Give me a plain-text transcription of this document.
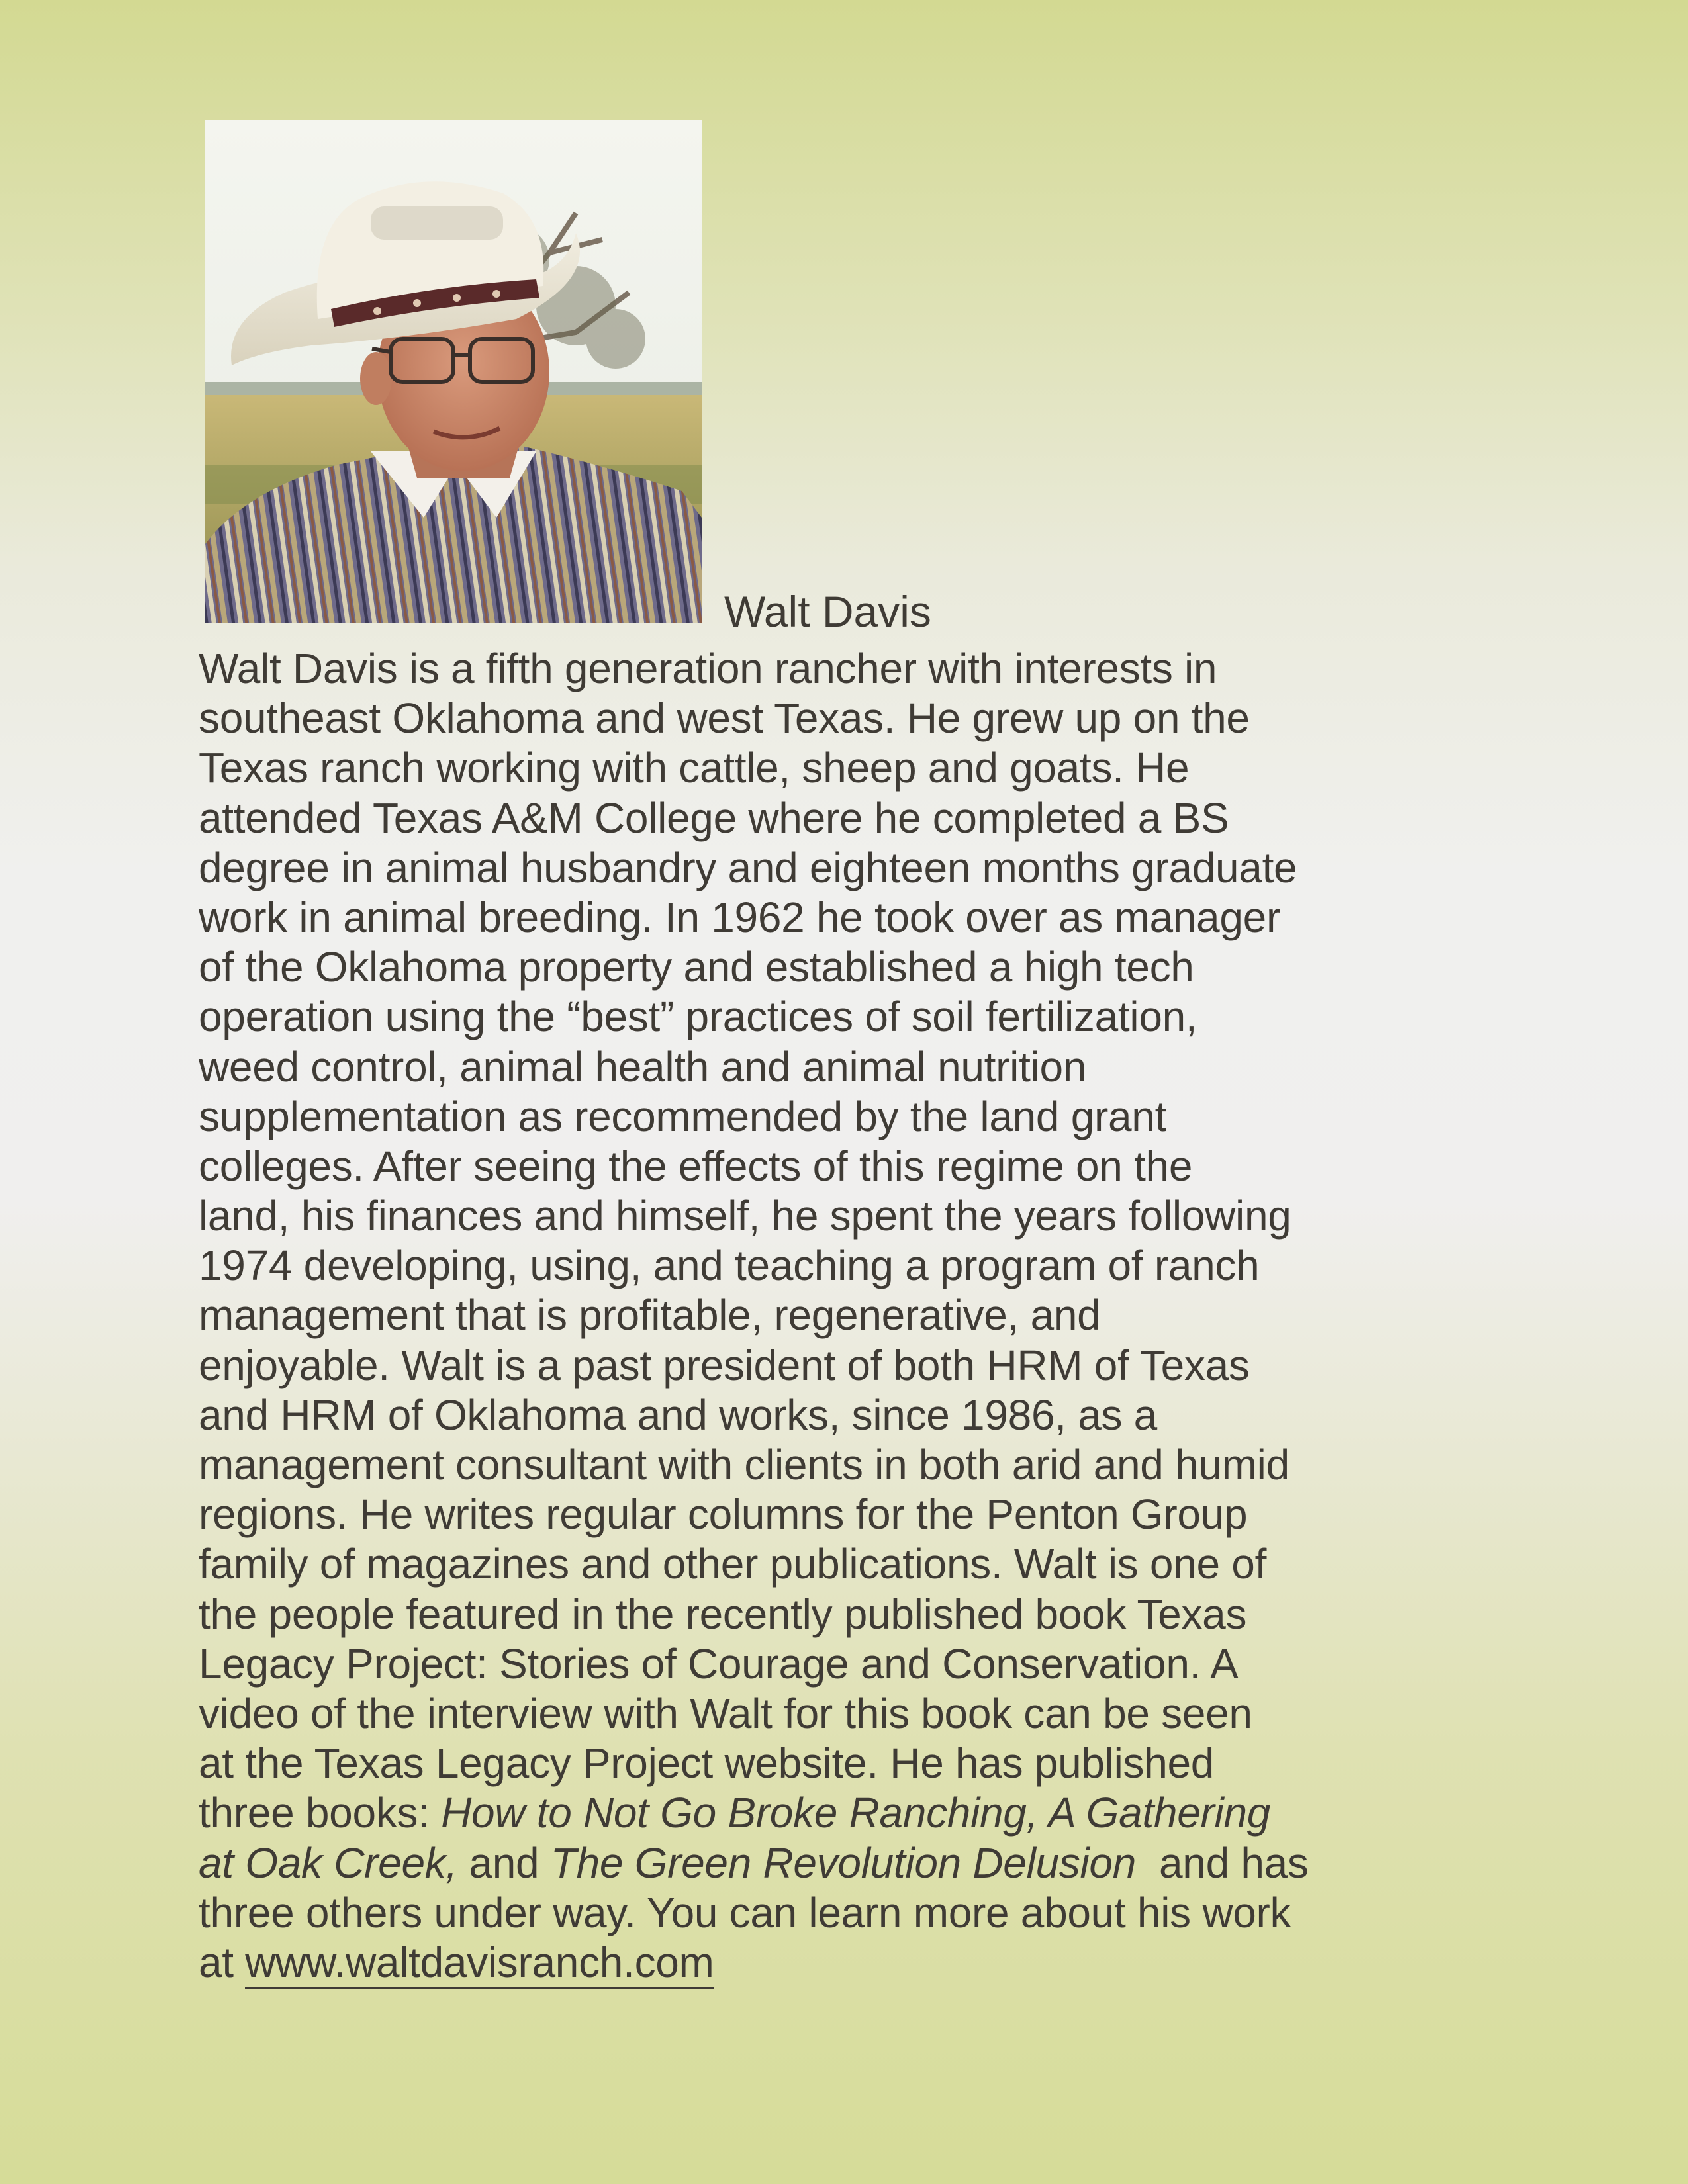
Walt Davis
Walt Davis is a fifth generation rancher with interests in
southeast Oklahoma and west Texas. He grew up on the
Texas ranch working with cattle, sheep and goats. He
attended Texas A&M College where he completed a BS
degree in animal husbandry and eighteen months graduate
work in animal breeding. In 1962 he took over as manager
of the Oklahoma property and established a high tech
operation using the “best” practices of soil fertilization,
weed control, animal health and animal nutrition
supplementation as recommended by the land grant
colleges. After seeing the effects of this regime on the
land, his finances and himself, he spent the years following
1974 developing, using, and teaching a program of ranch
management that is profitable, regenerative, and
enjoyable. Walt is a past president of both HRM of Texas
and HRM of Oklahoma and works, since 1986, as a
management consultant with clients in both arid and humid
regions. He writes regular columns for the Penton Group
family of magazines and other publications. Walt is one of
the people featured in the recently published book Texas
Legacy Project: Stories of Courage and Conservation. A
video of the interview with Walt for this book can be seen
at the Texas Legacy Project website. He has published
three books: How to Not Go Broke Ranching, A Gathering
at Oak Creek, and The Green Revolution Delusion  and has
three others under way. You can learn more about his work
at www.waltdavisranch.com
